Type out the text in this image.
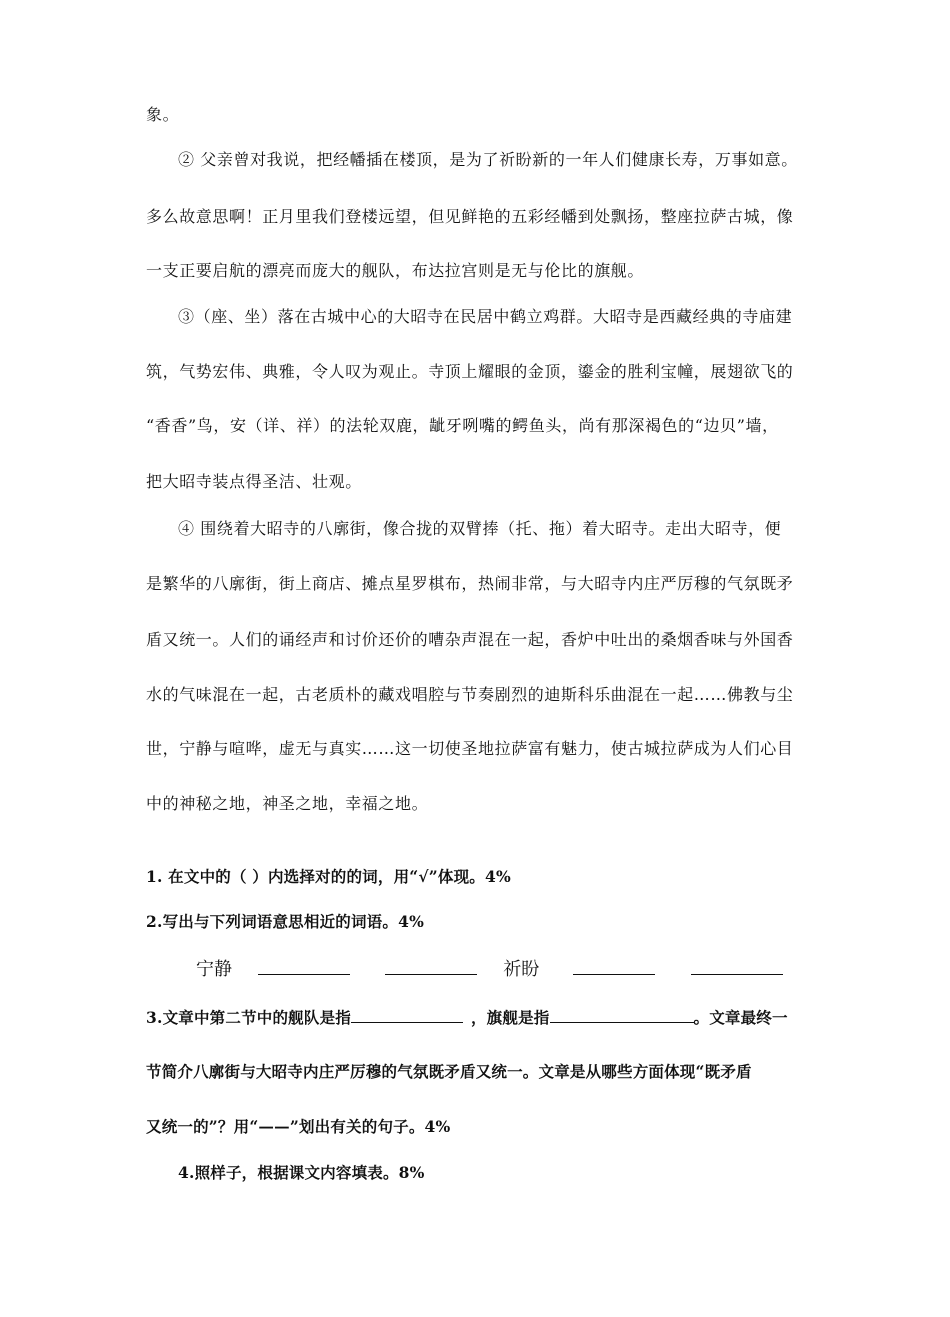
象。
② 父亲曾对我说，把经幡插在楼顶，是为了祈盼新的一年人们健康长寿，万事如意。
多么故意思啊！正月里我们登楼远望，但见鲜艳的五彩经幡到处飘扬，整座拉萨古城，像
一支正要启航的漂亮而庞大的舰队，布达拉宫则是无与伦比的旗舰。
③（座、坐）落在古城中心的大昭寺在民居中鹤立鸡群。大昭寺是西藏经典的寺庙建
筑，气势宏伟、典雅，令人叹为观止。寺顶上耀眼的金顶，鎏金的胜利宝幢，展翅欲飞的
“香香”鸟，安（详、祥）的法轮双鹿，龇牙咧嘴的鳄鱼头，尚有那深褐色的“边贝”墙，
把大昭寺装点得圣洁、壮观。
④ 围绕着大昭寺的八廓街，像合拢的双臂捧（托、拖）着大昭寺。走出大昭寺，便
是繁华的八廓街，街上商店、摊点星罗棋布，热闹非常，与大昭寺内庄严厉穆的气氛既矛
盾又统一。人们的诵经声和讨价还价的嘈杂声混在一起，香炉中吐出的桑烟香味与外国香
水的气味混在一起，古老质朴的藏戏唱腔与节奏剧烈的迪斯科乐曲混在一起……佛教与尘
世，宁静与喧哗，虚无与真实……这一切使圣地拉萨富有魅力，使古城拉萨成为人们心目
中的神秘之地，神圣之地，幸福之地。
1. 在文中的（ ）内选择对的的词，用“√”体现。4%
2.写出与下列词语意思相近的词语。4%
宁静	祈盼
3.文章中第二节中的舰队是指	，旗舰是指	。文章最终一
节简介八廓街与大昭寺内庄严厉穆的气氛既矛盾又统一。文章是从哪些方面体现“既矛盾
又统一的”？用“——”划出有关的句子。4%
4.照样子，根据课文内容填表。8%
